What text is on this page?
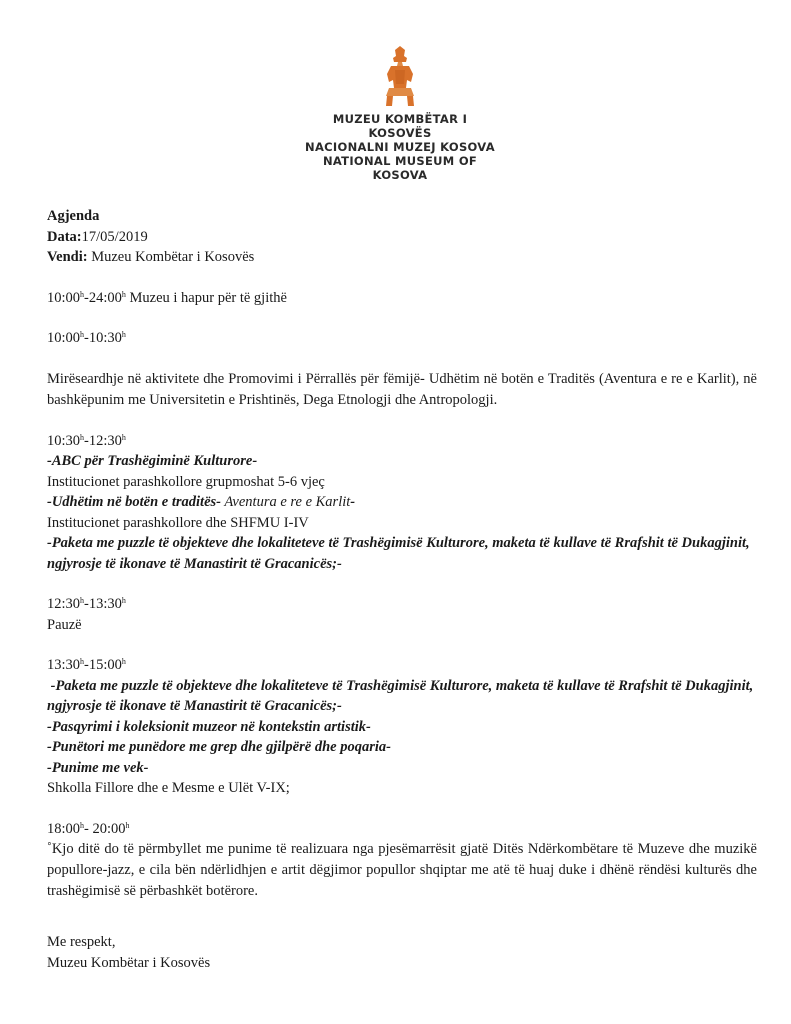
MUZEU KOMBËTAR I KOSOVËS

NACIONALNI MUZEJ KOSOVA

NATIONAL MUSEUM OF KOSOVA

Agjenda
Data:17/05/2019
Vendi: Muzeu Kombëtar i Kosovës
10:00$^h$-24:00$^h$ Muzeu i hapur për të gjithë
10:00$^h$-10:30$^h$
Mirëseardhje në aktivitete dhe Promovimi i Përrallës për fëmijë- Udhëtim në botën e Traditës (Aventura e re e Karlit), në bashkëpunim me Universitetin e Prishtinës, Dega Etnologji dhe Antropologji.
10:30$^h$-12:30$^h$
-ABC për Trashëgiminë Kulturore-
Institucionet parashkollore grupmoshat 5-6 vjeç
-Udhëtim në botën e traditës- Aventura e re e Karlit-
Institucionet parashkollore dhe SHFMU I-IV
-Paketa me puzzle të objekteve dhe lokaliteteve të Trashëgimisë Kulturore, maketa të kullave të Rrafshit të Dukagjinit, ngjyrosje të ikonave të Manastirit të Gracanicës;-
12:30$^h$-13:30$^h$
Pauzë
13:30$^h$-15:00$^h$
-Paketa me puzzle të objekteve dhe lokaliteteve të Trashëgimisë Kulturore, maketa të kullave të Rrafshit të Dukagjinit, ngjyrosje të ikonave të Manastirit të Gracanicës;-
-Pasqyrimi i koleksionit muzeor në kontekstin artistik-
-Punëtori me punëdore me grep dhe gjilpërë dhe poqaria-
-Punime me vek-
Shkolla Fillore dhe e Mesme e Ulët V-IX;
18:00$^h$- 20:00$^h$
˚Kjo ditë do të përmbyllet me punime të realizuara nga pjesëmarrësit gjatë Ditës Ndërkombëtare të Muzeve dhe muzikë popullore-jazz, e cila bën ndërlidhjen e artit dëgjimor popullor shqiptar me atë të huaj duke i dhënë rëndësi kulturës dhe trashëgimisë së përbashkët botërore.
Me respekt,
Muzeu Kombëtar i Kosovës
